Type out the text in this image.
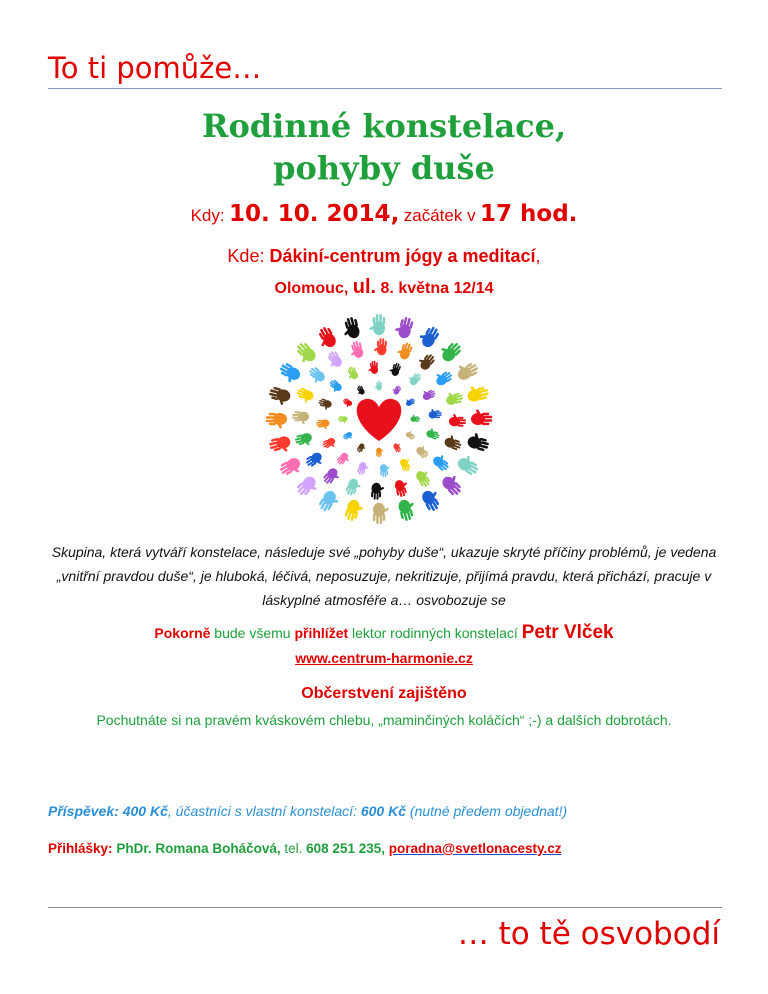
To ti pomůže…
Rodinné konstelace,
pohyby duše
Kdy: 10. 10. 2014, začátek v 17 hod.
Kde: Dákiní-centrum jógy a meditací,
Olomouc, ul. 8. května 12/14
Skupina, která vytváří konstelace, následuje své „pohyby duše“, ukazuje skryté příčiny problémů, je vedena „vnitřní pravdou duše“, je hluboká, léčivá, neposuzuje, nekritizuje, přijímá pravdu, která přichází, pracuje v láskyplné atmosféře a… osvobozuje se
Pokorně bude všemu přihlížet lektor rodinných konstelací Petr Vlček
www.centrum-harmonie.cz
Občerstvení zajištěno
Pochutnáte si na pravém kváskovém chlebu, „maminčiných koláčích“ ;-) a dalších dobrotách.
Příspěvek: 400 Kč, účastníci s vlastní konstelací: 600 Kč (nutné předem objednat!)
Přihlášky: PhDr. Romana Boháčová, tel. 608 251 235, poradna@svetlonacesty.cz
… to tě osvobodí
